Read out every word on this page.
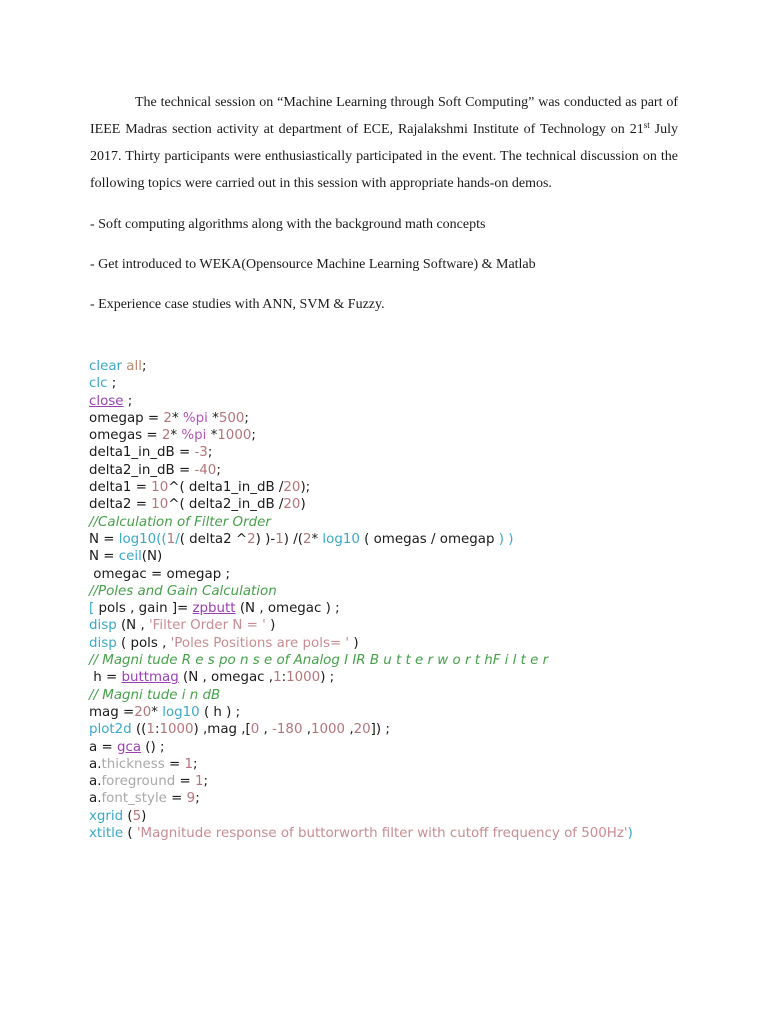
The technical session on “Machine Learning through Soft Computing” was conducted as part of IEEE Madras section activity at department of ECE, Rajalakshmi Institute of Technology on 21st July 2017. Thirty participants were enthusiastically participated in the event. The technical discussion on the following topics were carried out in this session with appropriate hands-on demos.

- Soft computing algorithms along with the background math concepts

- Get introduced to WEKA(Opensource Machine Learning Software) & Matlab

- Experience case studies with ANN, SVM & Fuzzy.

clear all;
clc ;
close ;
omegap = 2* %pi *500;
omegas = 2* %pi *1000;
delta1_in_dB = -3;
delta2_in_dB = -40;
delta1 = 10^( delta1_in_dB /20);
delta2 = 10^( delta2_in_dB /20)
//Calculation of Filter Order
N = log10((1/( delta2 ^2) )-1) /(2* log10 ( omegas / omegap ) )
N = ceil(N)
omegac = omegap ;
//Poles and Gain Calculation
[ pols , gain ]= zpbutt (N , omegac ) ;
disp (N , 'Filter Order N = ' )
disp ( pols , 'Poles Positions are pols= ' )
// Magni tude R e s po n s e of Analog I IR B u t t e r w o r t hF i l t e r
h = buttmag (N , omegac ,1:1000) ;
// Magni tude i n dB
mag =20* log10 ( h ) ;
plot2d ((1:1000) ,mag ,[0 , -180 ,1000 ,20]) ;
a = gca () ;
a.thickness = 1;
a.foreground = 1;
a.font_style = 9;
xgrid (5)
xtitle ( 'Magnitude response of buttorworth filter with cutoff frequency of 500Hz')
